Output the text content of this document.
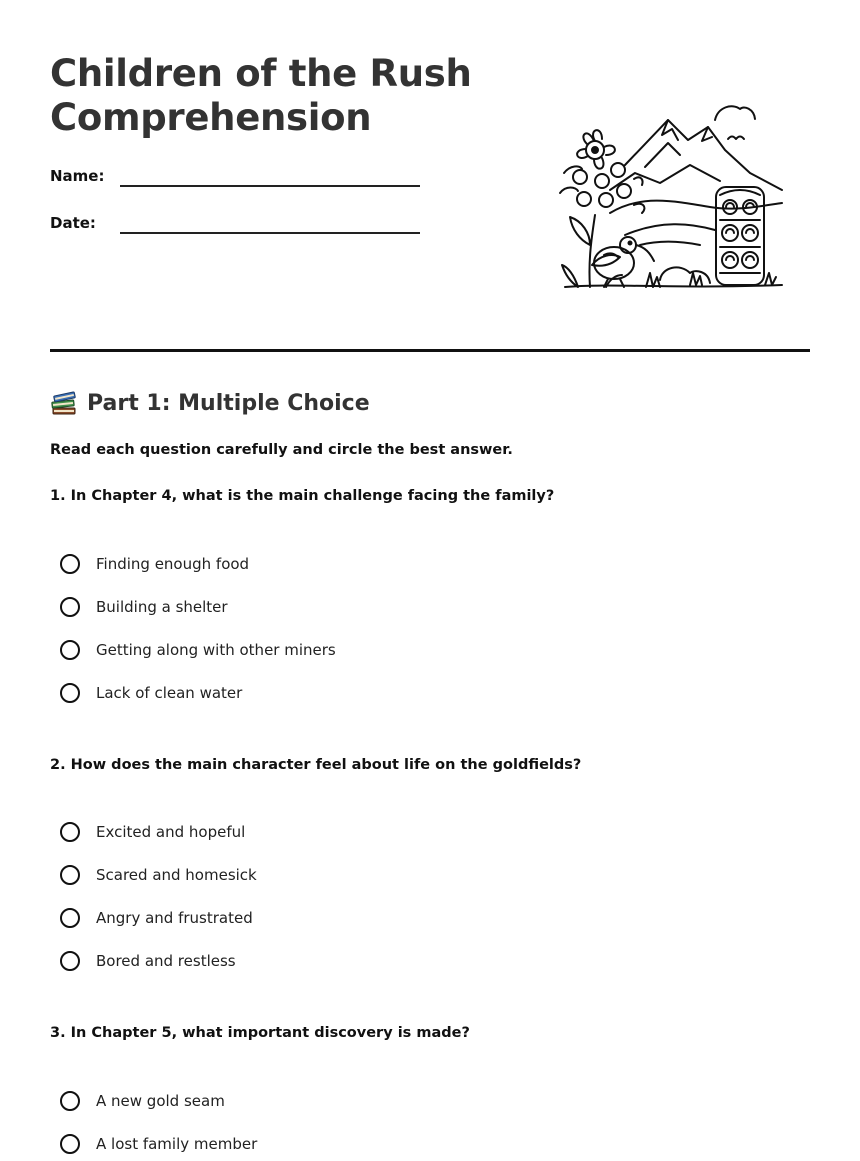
Children of the Rush
Comprehension
Name:
Date:
Part 1: Multiple Choice
Read each question carefully and circle the best answer.
1. In Chapter 4, what is the main challenge facing the family?
Finding enough food
Building a shelter
Getting along with other miners
Lack of clean water
2. How does the main character feel about life on the goldfields?
Excited and hopeful
Scared and homesick
Angry and frustrated
Bored and restless
3. In Chapter 5, what important discovery is made?
A new gold seam
A lost family member
